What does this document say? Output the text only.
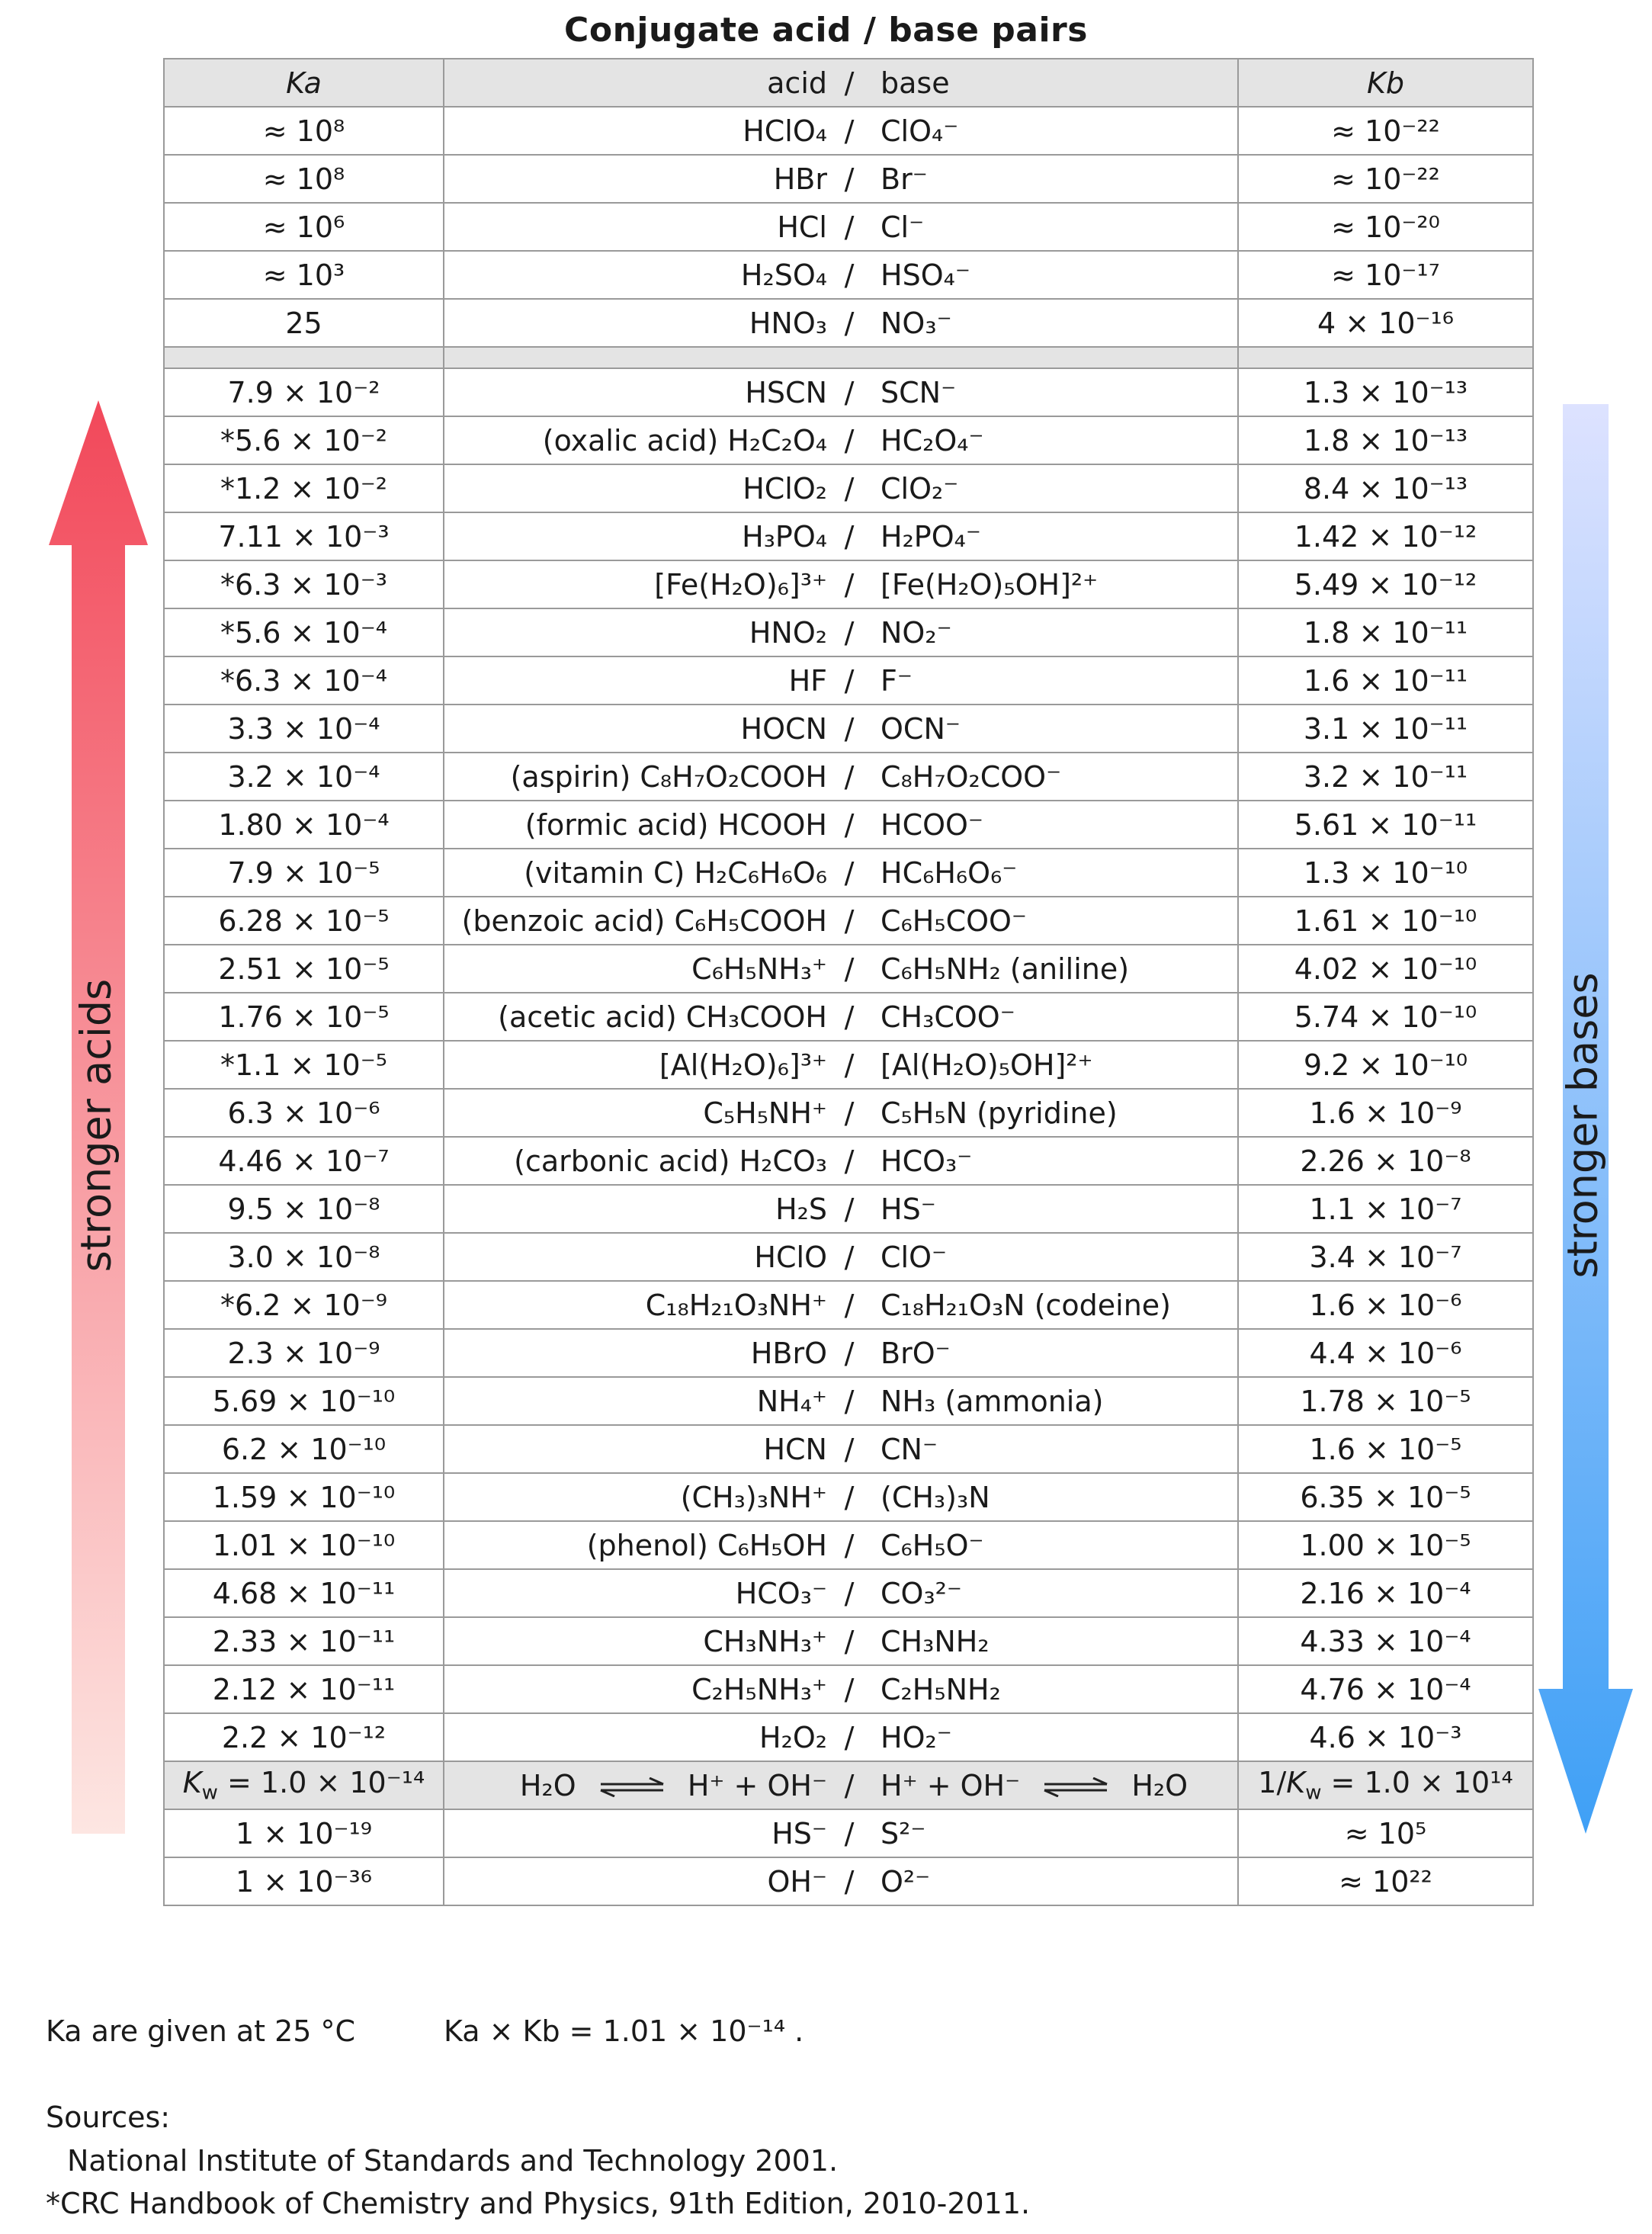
Conjugate acid / base pairs
stronger acids	stronger bases
Ka	acid / base	Kb
≈ 10⁸	HClO₄ / ClO₄⁻	≈ 10⁻²²
≈ 10⁸	HBr / Br⁻	≈ 10⁻²²
≈ 10⁶	HCl / Cl⁻	≈ 10⁻²⁰
≈ 10³	H₂SO₄ / HSO₄⁻	≈ 10⁻¹⁷
25	HNO₃ / NO₃⁻	4 × 10⁻¹⁶

7.9 × 10⁻²	HSCN / SCN⁻	1.3 × 10⁻¹³
*5.6 × 10⁻²	(oxalic acid) H₂C₂O₄ / HC₂O₄⁻	1.8 × 10⁻¹³
*1.2 × 10⁻²	HClO₂ / ClO₂⁻	8.4 × 10⁻¹³
7.11 × 10⁻³	H₃PO₄ / H₂PO₄⁻	1.42 × 10⁻¹²
*6.3 × 10⁻³	[Fe(H₂O)₆]³⁺ / [Fe(H₂O)₅OH]²⁺	5.49 × 10⁻¹²
*5.6 × 10⁻⁴	HNO₂ / NO₂⁻	1.8 × 10⁻¹¹
*6.3 × 10⁻⁴	HF / F⁻	1.6 × 10⁻¹¹
3.3 × 10⁻⁴	HOCN / OCN⁻	3.1 × 10⁻¹¹
3.2 × 10⁻⁴	(aspirin) C₈H₇O₂COOH / C₈H₇O₂COO⁻	3.2 × 10⁻¹¹
1.80 × 10⁻⁴	(formic acid) HCOOH / HCOO⁻	5.61 × 10⁻¹¹
7.9 × 10⁻⁵	(vitamin C) H₂C₆H₆O₆ / HC₆H₆O₆⁻	1.3 × 10⁻¹⁰
6.28 × 10⁻⁵	(benzoic acid) C₆H₅COOH / C₆H₅COO⁻	1.61 × 10⁻¹⁰
2.51 × 10⁻⁵	C₆H₅NH₃⁺ / C₆H₅NH₂ (aniline)	4.02 × 10⁻¹⁰
1.76 × 10⁻⁵	(acetic acid) CH₃COOH / CH₃COO⁻	5.74 × 10⁻¹⁰
*1.1 × 10⁻⁵	[Al(H₂O)₆]³⁺ / [Al(H₂O)₅OH]²⁺	9.2 × 10⁻¹⁰
6.3 × 10⁻⁶	C₅H₅NH⁺ / C₅H₅N (pyridine)	1.6 × 10⁻⁹
4.46 × 10⁻⁷	(carbonic acid) H₂CO₃ / HCO₃⁻	2.26 × 10⁻⁸
9.5 × 10⁻⁸	H₂S / HS⁻	1.1 × 10⁻⁷
3.0 × 10⁻⁸	HClO / ClO⁻	3.4 × 10⁻⁷
*6.2 × 10⁻⁹	C₁₈H₂₁O₃NH⁺ / C₁₈H₂₁O₃N (codeine)	1.6 × 10⁻⁶
2.3 × 10⁻⁹	HBrO / BrO⁻	4.4 × 10⁻⁶
5.69 × 10⁻¹⁰	NH₄⁺ / NH₃ (ammonia)	1.78 × 10⁻⁵
6.2 × 10⁻¹⁰	HCN / CN⁻	1.6 × 10⁻⁵
1.59 × 10⁻¹⁰	(CH₃)₃NH⁺ / (CH₃)₃N	6.35 × 10⁻⁵
1.01 × 10⁻¹⁰	(phenol) C₆H₅OH / C₆H₅O⁻	1.00 × 10⁻⁵
4.68 × 10⁻¹¹	HCO₃⁻ / CO₃²⁻	2.16 × 10⁻⁴
2.33 × 10⁻¹¹	CH₃NH₃⁺ / CH₃NH₂	4.33 × 10⁻⁴
2.12 × 10⁻¹¹	C₂H₅NH₃⁺ / C₂H₅NH₂	4.76 × 10⁻⁴
2.2 × 10⁻¹²	H₂O₂ / HO₂⁻	4.6 × 10⁻³
$K_w = 1.0 \times 10^{-14}$	H₂O ⇌ H⁺ + OH⁻ / H⁺ + OH⁻ ⇌ H₂O	$1/K_w = 1.0 \times 10^{14}$
1 × 10⁻¹⁹	HS⁻ / S²⁻	≈ 10⁵
1 × 10⁻³⁶	OH⁻ / O²⁻	≈ 10²²
Ka are given at 25 °C	Ka × Kb = 1.01 × 10⁻¹⁴ .
Sources:
National Institute of Standards and Technology 2001.
*CRC Handbook of Chemistry and Physics, 91th Edition, 2010-2011.
